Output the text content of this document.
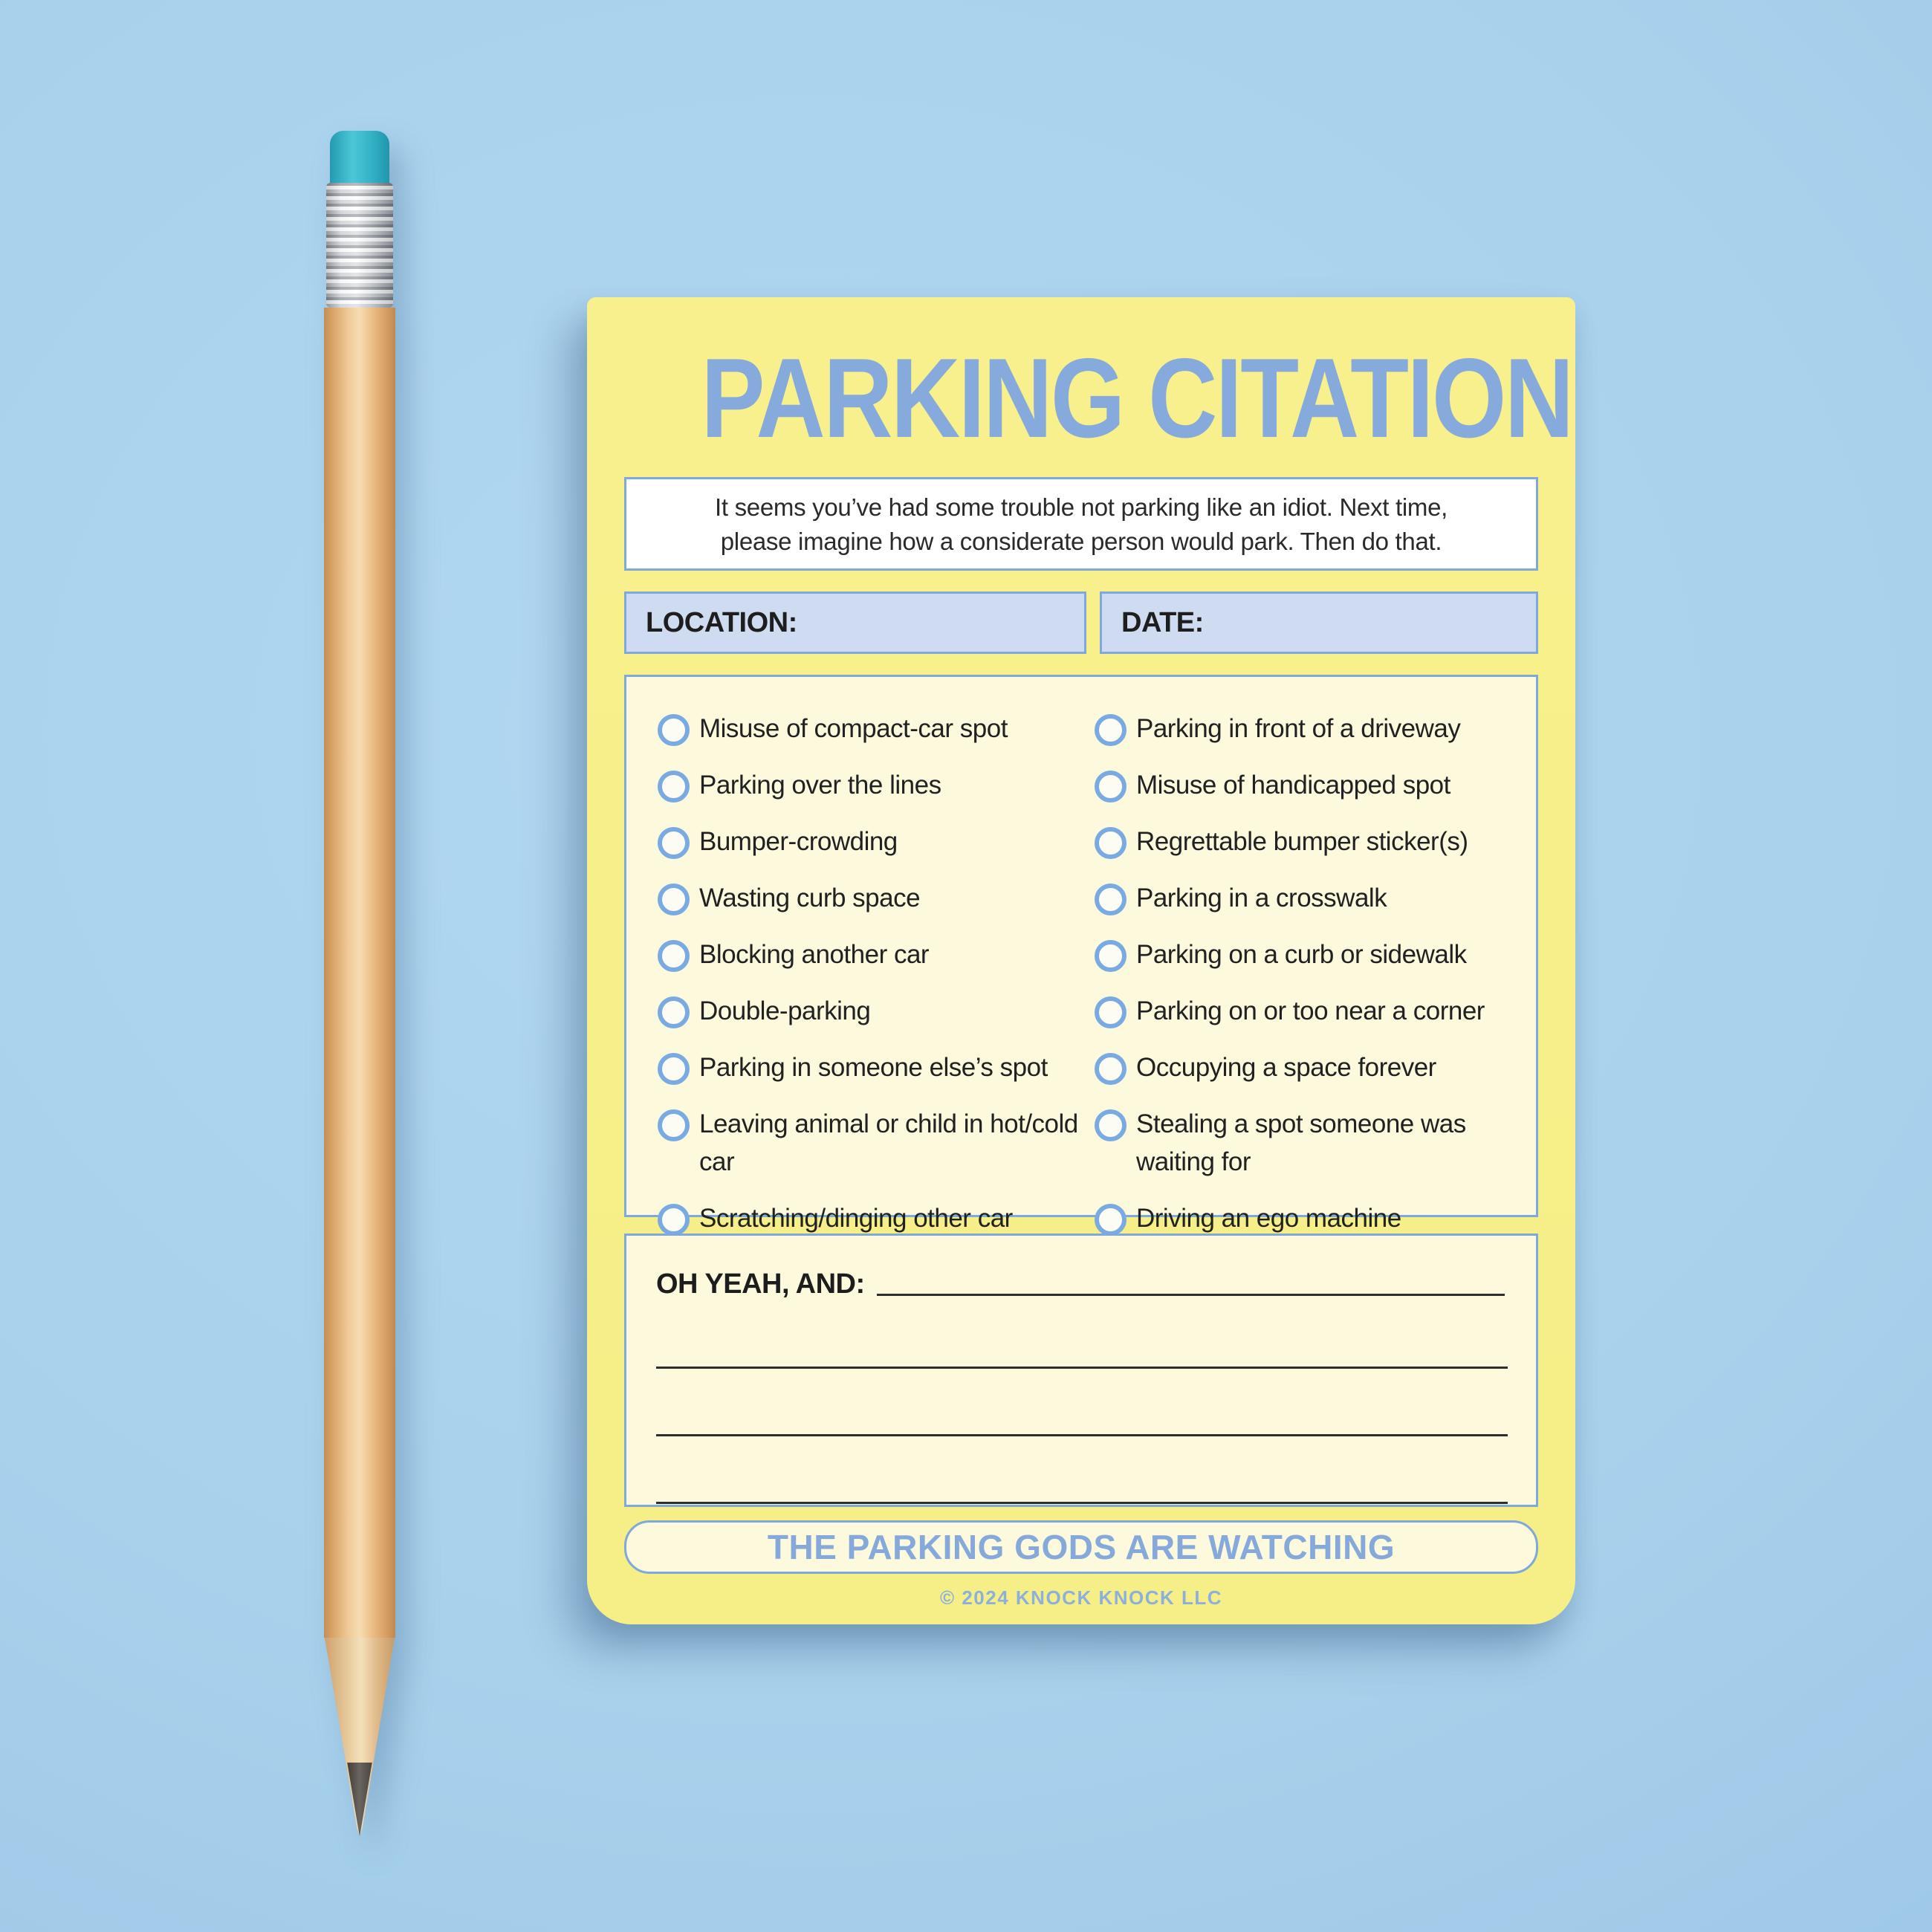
PARKING CITATION
It seems you’ve had some trouble not parking like an idiot. Next time,
please imagine how a considerate person would park. Then do that.
LOCATION:	DATE:
Misuse of compact-car spot
Parking over the lines
Bumper-crowding
Wasting curb space
Blocking another car
Double-parking
Parking in someone else’s spot
Leaving animal or child in hot/cold car
Scratching/dinging other car
Parking in front of a driveway
Misuse of handicapped spot
Regrettable bumper sticker(s)
Parking in a crosswalk
Parking on a curb or sidewalk
Parking on or too near a corner
Occupying a space forever
Stealing a spot someone was waiting for
Driving an ego machine
OH YEAH, AND:
THE PARKING GODS ARE WATCHING
© 2024 KNOCK KNOCK LLC
